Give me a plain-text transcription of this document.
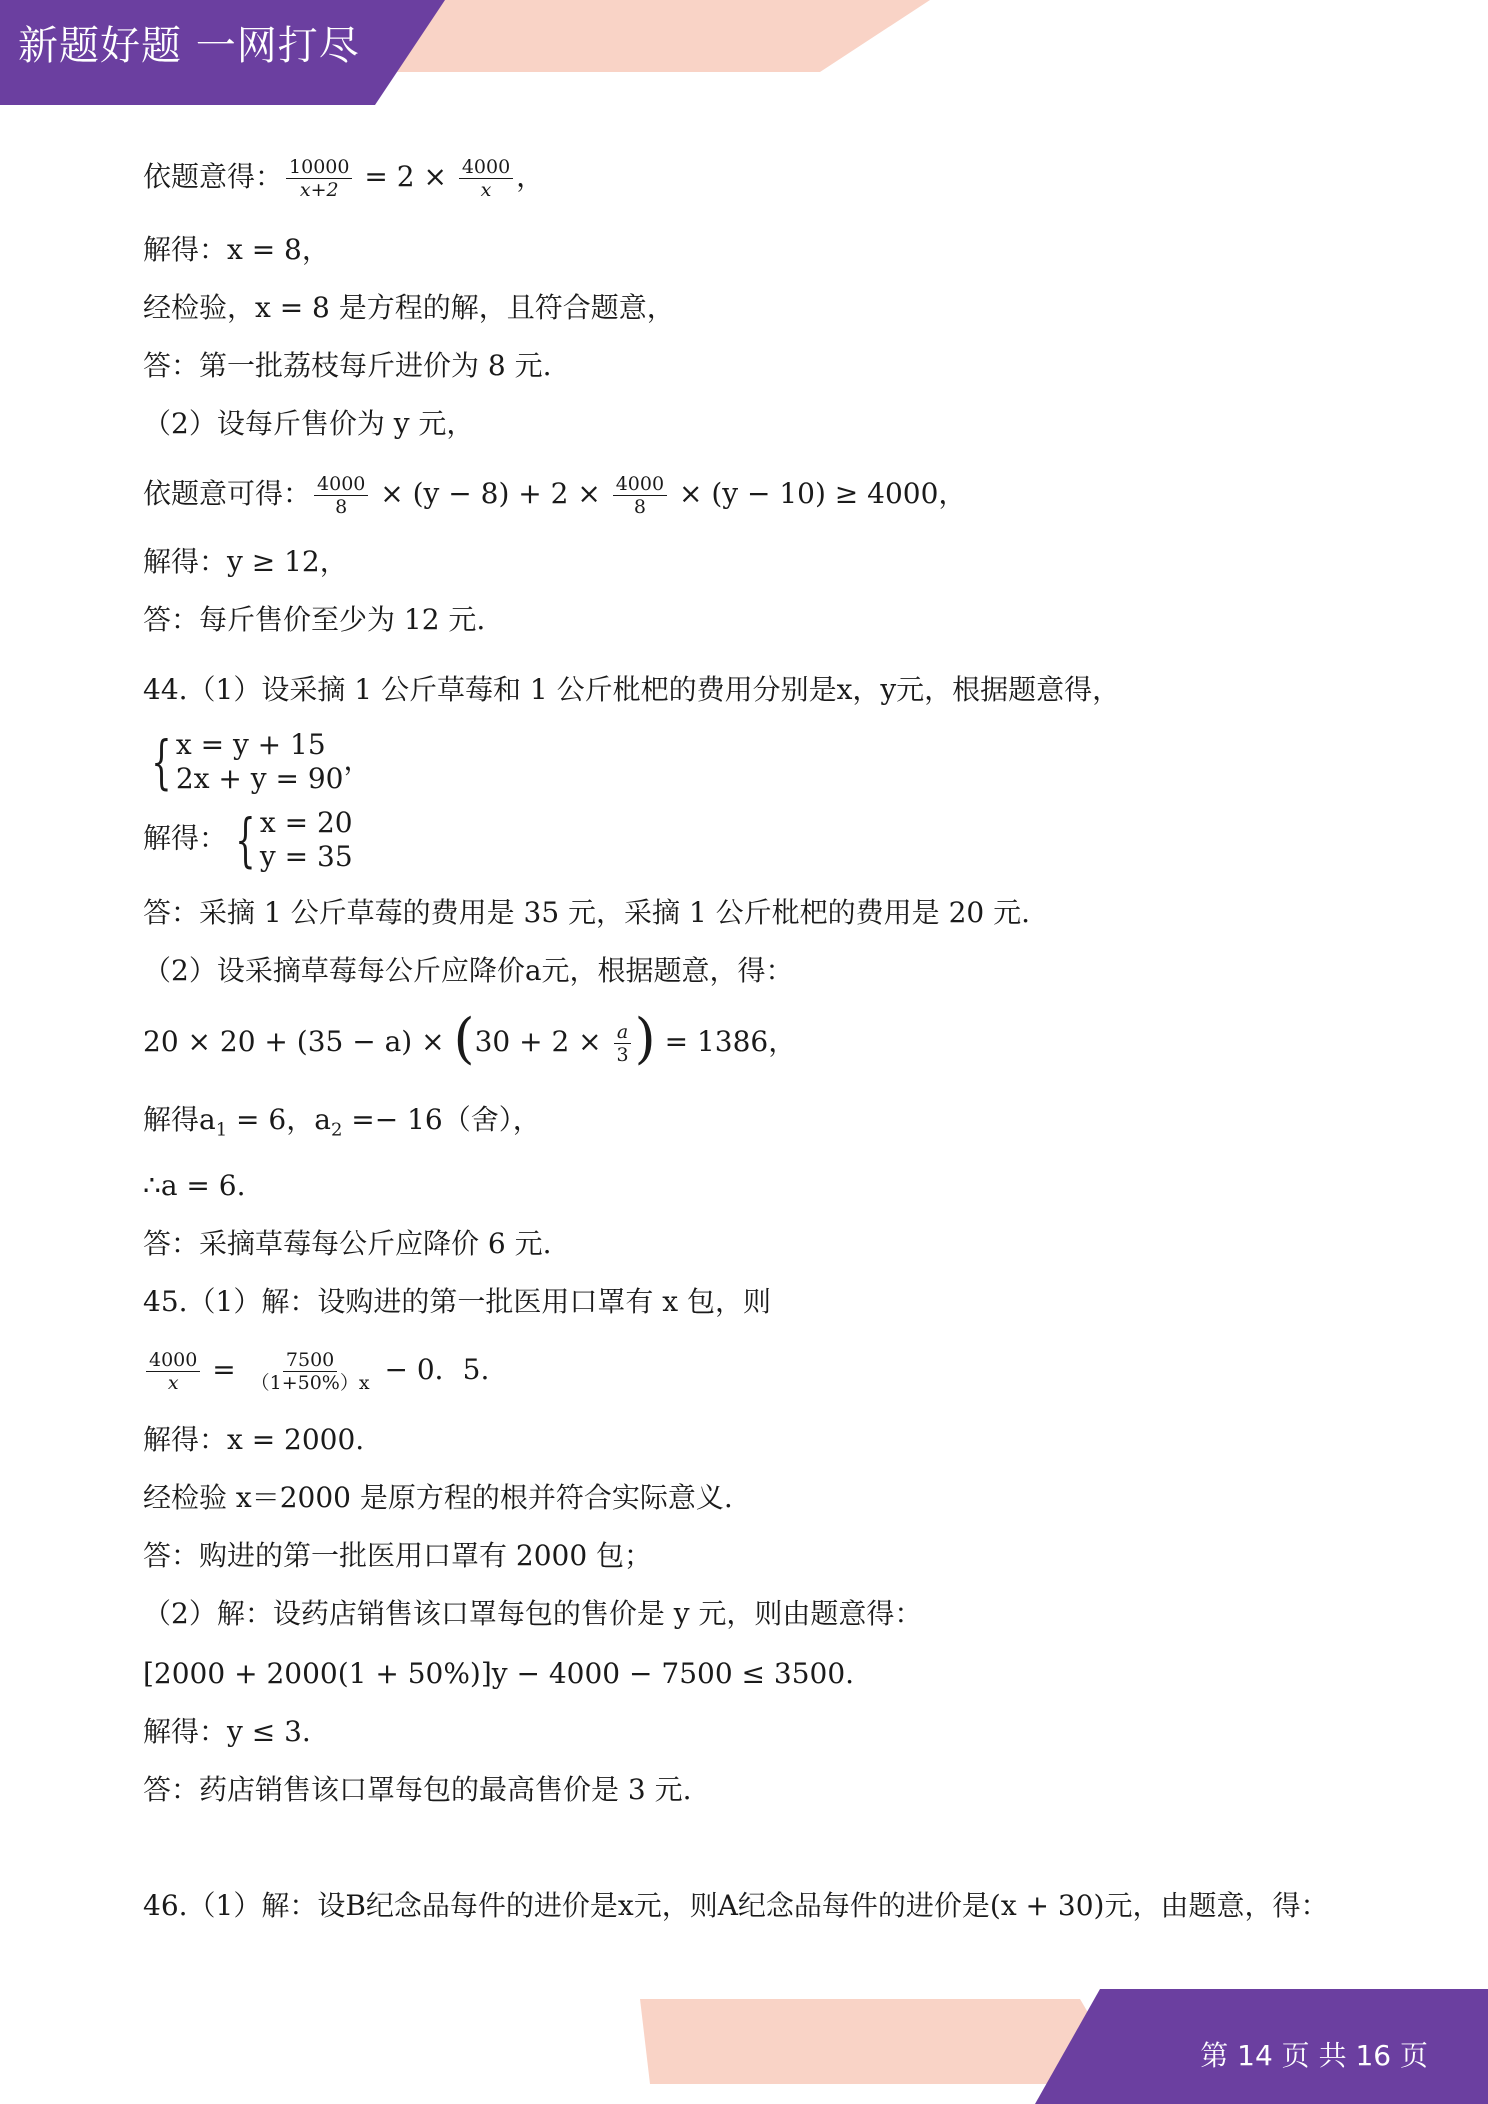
新题好题 一网打尽
第 14 页 共 16 页
依题意得： $\frac{10000}{x+2} = 2 \times \frac{4000}{x}$ ，
解得：x = 8，
经检验，x = 8 是方程的解，且符合题意，
答：第一批荔枝每斤进价为 8 元.
（2）设每斤售价为 y 元，
依题意可得： $\frac{4000}{8} \times (y - 8) + 2 \times \frac{4000}{8} \times (y - 10) \ge 4000$，
解得：y ≥ 12，
答：每斤售价至少为 12 元.
44.（1）设采摘 1 公斤草莓和 1 公斤枇杷的费用分别是x，y元，根据题意得，
{ x = y + 15
2x + y = 90
，
解得： { x = 20
y = 35
答：采摘 1 公斤草莓的费用是 35 元，采摘 1 公斤枇杷的费用是 20 元.
（2）设采摘草莓每公斤应降价a元，根据题意，得：
$20 \times 20 + (35 - a) \times (30 + 2 \times \frac{a}{3}$ ) = 1386，
解得$a_1 = 6$，$a_2 =- 16$（舍），
∴a = 6.
答：采摘草莓每公斤应降价 6 元.
45.（1）解：设购进的第一批医用口罩有 x 包，则
$\frac{4000}{x} = \frac{7500}{(1+50\%)x} - 0$．5.
解得：x = 2000.
经检验 x＝2000 是原方程的根并符合实际意义.
答：购进的第一批医用口罩有 2000 包；
（2）解：设药店销售该口罩每包的售价是 y 元，则由题意得：
[2000 + 2000(1 + 50%)]y − 4000 − 7500 ≤ 3500.
解得：y ≤ 3.
答：药店销售该口罩每包的最高售价是 3 元.
46.（1）解：设B纪念品每件的进价是x元，则A纪念品每件的进价是(x + 30)元，由题意，得：
